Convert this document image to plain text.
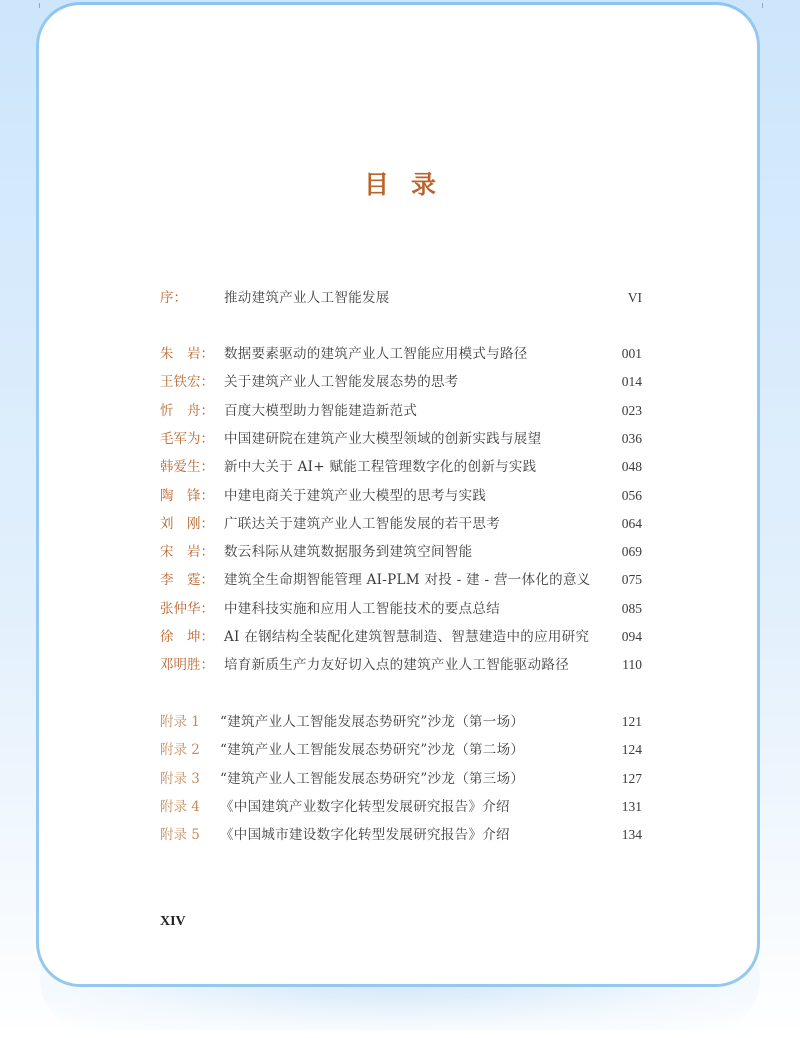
目录
序：	推动建筑产业人工智能发展	VI
朱　岩： 数据要素驱动的建筑产业人工智能应用模式与路径	001
王铁宏： 关于建筑产业人工智能发展态势的思考	014
忻　舟： 百度大模型助力智能建造新范式	023
毛军为： 中国建研院在建筑产业大模型领域的创新实践与展望	036
韩爱生： 新中大关于 AI+ 赋能工程管理数字化的创新与实践	048
陶　锋： 中建电商关于建筑产业大模型的思考与实践	056
刘　刚： 广联达关于建筑产业人工智能发展的若干思考	064
宋　岩： 数云科际从建筑数据服务到建筑空间智能	069
李　霆： 建筑全生命期智能管理 AI-PLM 对投 - 建 - 营一体化的意义	075
张仲华： 中建科技实施和应用人工智能技术的要点总结	085
徐　坤： AI 在钢结构全装配化建筑智慧制造、智慧建造中的应用研究	094
邓明胜： 培育新质生产力友好切入点的建筑产业人工智能驱动路径	110
附录 1	“建筑产业人工智能发展态势研究”沙龙（第一场）	121
附录 2	“建筑产业人工智能发展态势研究”沙龙（第二场）	124
附录 3	“建筑产业人工智能发展态势研究”沙龙（第三场）	127
附录 4	《中国建筑产业数字化转型发展研究报告》介绍	131
附录 5	《中国城市建设数字化转型发展研究报告》介绍	134
XIV
